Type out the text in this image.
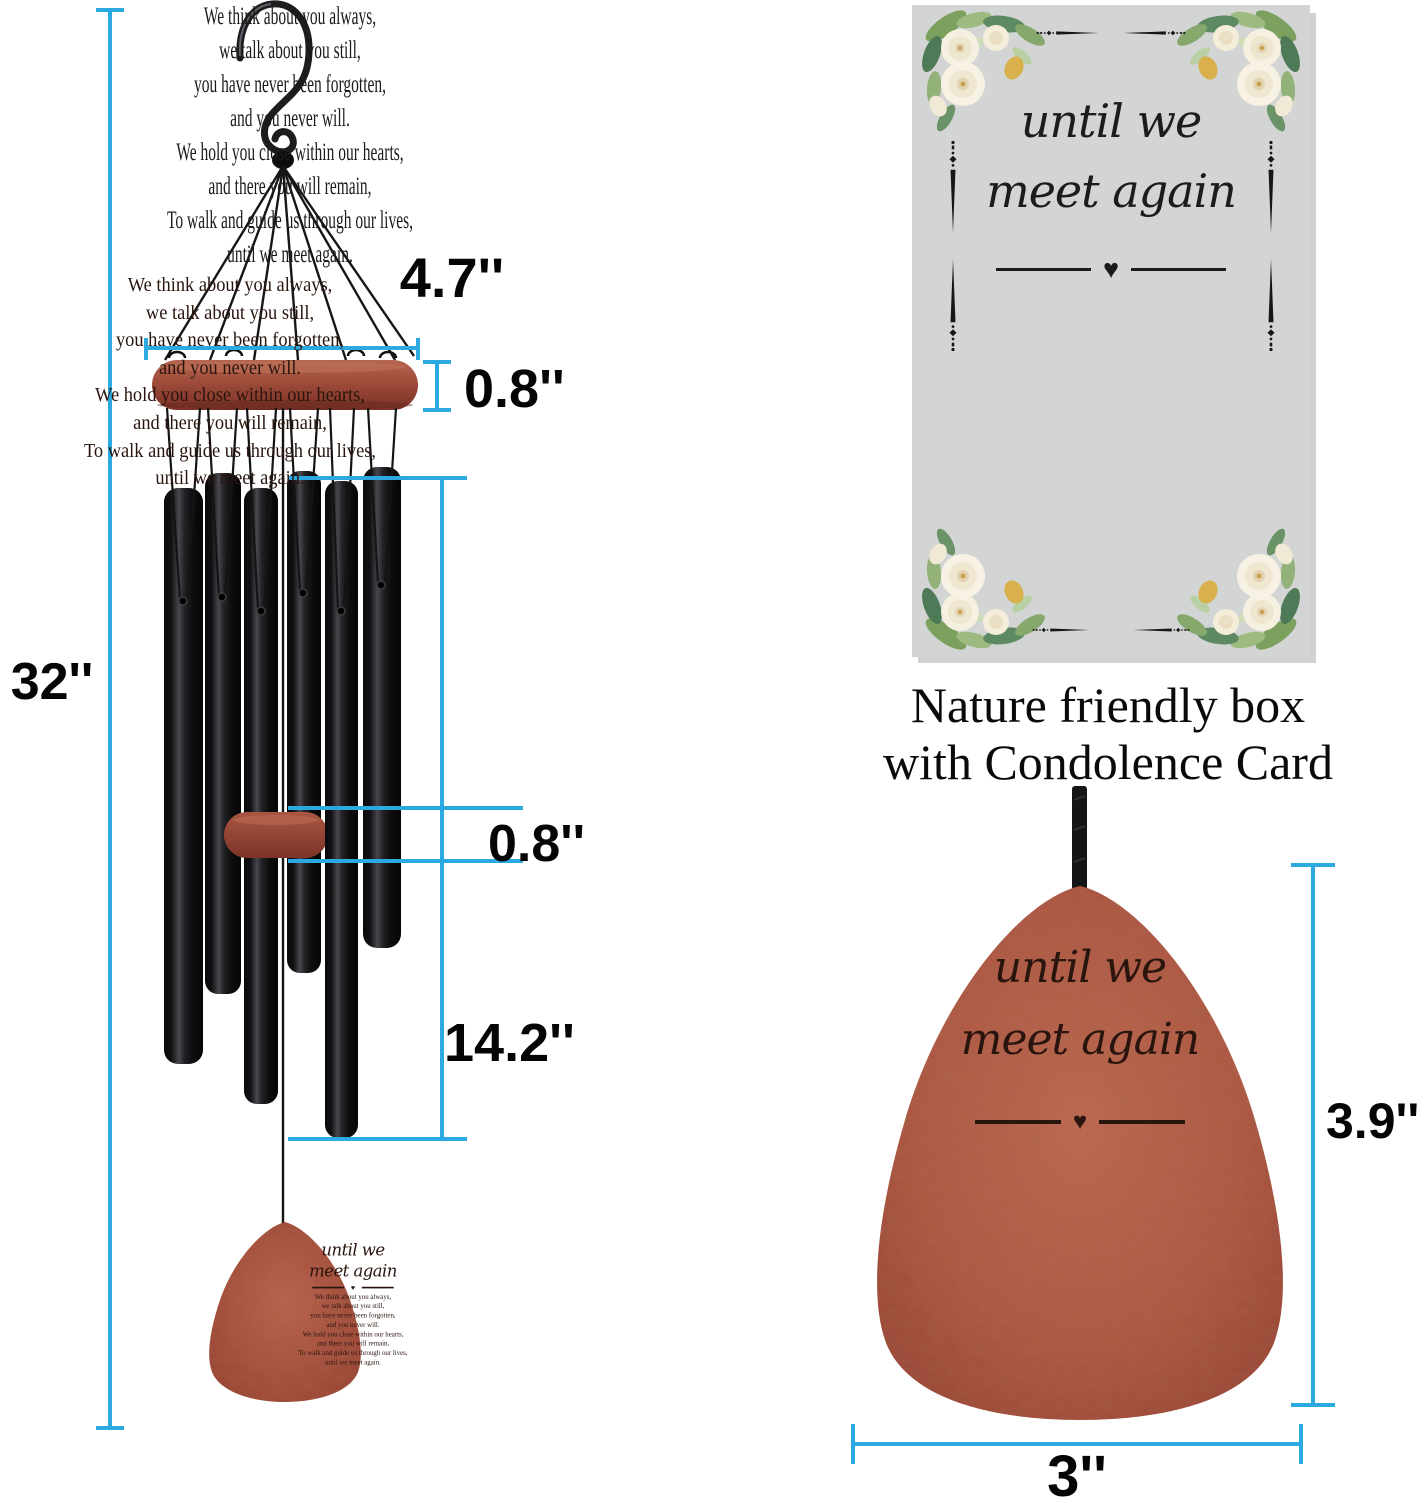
32''
4.7''
0.8''
14.2''
0.8''
3.9''
3''
until we
meet again
♥
We think about you always,
we talk about you still,
you have never been forgotten,
and you never will.
We hold you close within our hearts,
and there you will remain,
To walk and guide us through our lives,
until we meet again.
Nature friendly box
with Condolence Card
until we
meet again
♥
We think about you always,
we talk about you still,
you have never been forgotten,
and you never will.
We hold you close within our hearts,
and there you will remain,
To walk and guide us through our lives,
until we meet again.
until we
meet again
♥
We think about you always,
we talk about you still,
you have never been forgotten,
and you never will.
We hold you close within our hearts,
and there you will remain,
To walk and guide us through our lives,
until we meet again.
